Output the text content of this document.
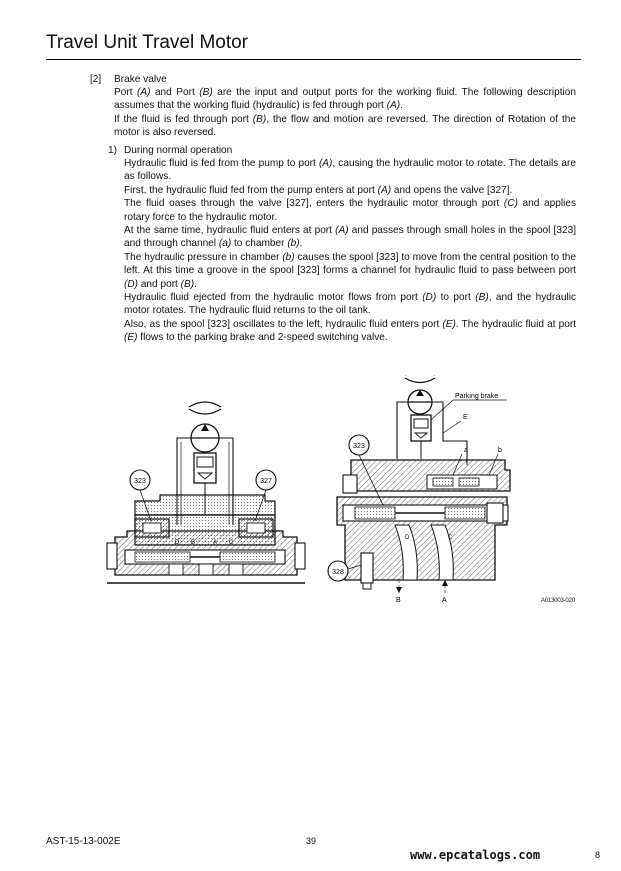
Travel Unit Travel Motor
[2] Brake valve

Port (A) and Port (B) are the input and output ports for the working fluid. The following description assumes that the working fluid (hydraulic) is fed through port (A).

If the fluid is fed through port (B), the flow and motion are reversed. The direction of Rotation of the motor is also reversed.

1) During normal operation

Hydraulic fluid is fed from the pump to port (A), causing the hydraulic motor to rotate. The details are as follows.

First, the hydraulic fluid fed from the pump enters at port (A) and opens the valve [327].

The fluid oases through the valve [327], enters the hydraulic motor through port (C) and applies rotary force to the hydraulic motor.

At the same time, hydraulic fluid enters at port (A) and passes through small holes in the spool [323] and through channel (a) to chamber (b).

The hydraulic pressure in chamber (b) causes the spool [323] to move from the central position to the left. At this time a groove in the spool [323] forms a channel for hydraulic fluid to pass between port (D) and port (B).

Hydraulic fluid ejected from the hydraulic motor flows from port (D) to port (B), and the hydraulic motor rotates. The hydraulic fluid returns to the oil tank.

Also, as the spool [323] oscillates to the left, hydraulic fluid enters port (E). The hydraulic fluid at port (E) flows to the parking brake and 2-speed switching valve.

323	327
D B	A C
Parking brake
E
a	b
D	C
B	A
323
328
A013003-020
AST-15-13-002E	39
www.epcatalogs.com	8
